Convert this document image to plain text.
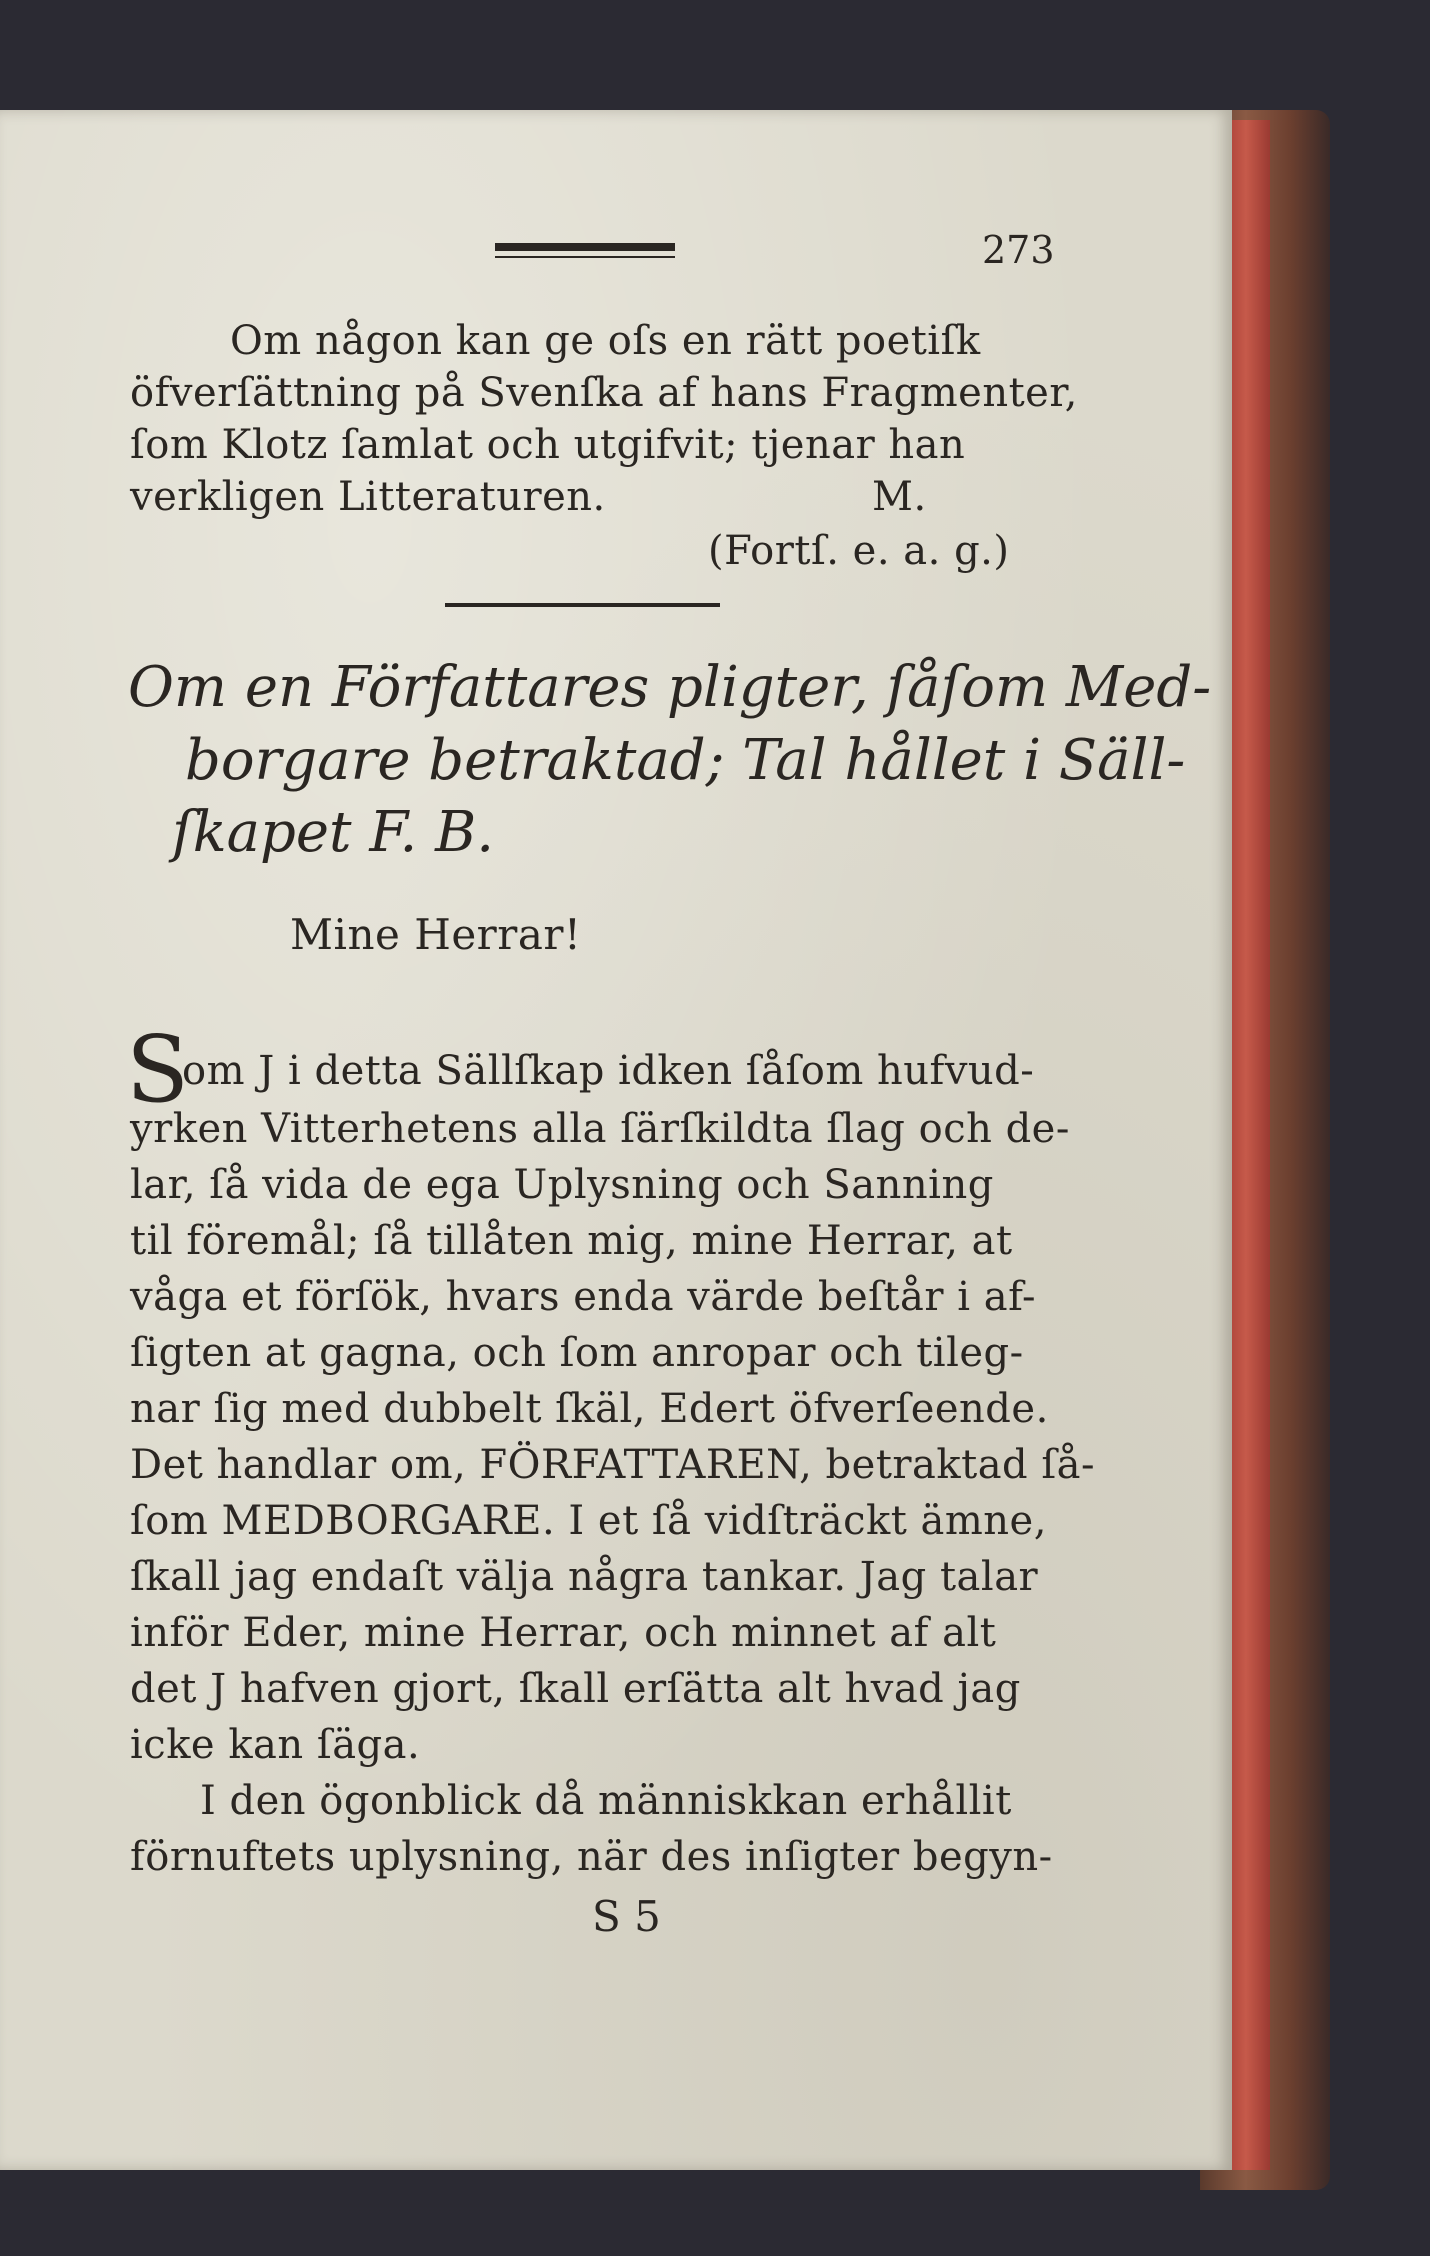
273
Om någon kan ge oſs en rätt poetiſk
öfverſättning på Svenſka af hans Fragmenter,
ſom Klotz ſamlat och utgifvit; tjenar han
verkligen Litteraturen.	M.
(Fortſ. e. a. g.)
Om en Författares pligter, ſåſom Med-
borgare betraktad; Tal hållet i Säll-
ſkapet F. B.
Mine Herrar!
S
om J i detta Sällſkap idken ſåſom hufvud-
yrken Vitterhetens alla ſärſkildta ſlag och de-
lar, ſå vida de ega Uplysning och Sanning
til föremål; ſå tillåten mig, mine Herrar, at
våga et förſök, hvars enda värde beſtår i af-
ſigten at gagna, och ſom anropar och tileg-
nar ſig med dubbelt ſkäl, Edert öfverſeende.
Det handlar om, FÖRFATTAREN, betraktad ſå-
ſom MEDBORGARE. I et ſå vidſträckt ämne,
ſkall jag endaſt välja några tankar. Jag talar
inför Eder, mine Herrar, och minnet af alt
det J hafven gjort, ſkall erſätta alt hvad jag
icke kan ſäga.
I den ögonblick då människkan erhållit
förnuftets uplysning, när des inſigter begyn-
S 5
